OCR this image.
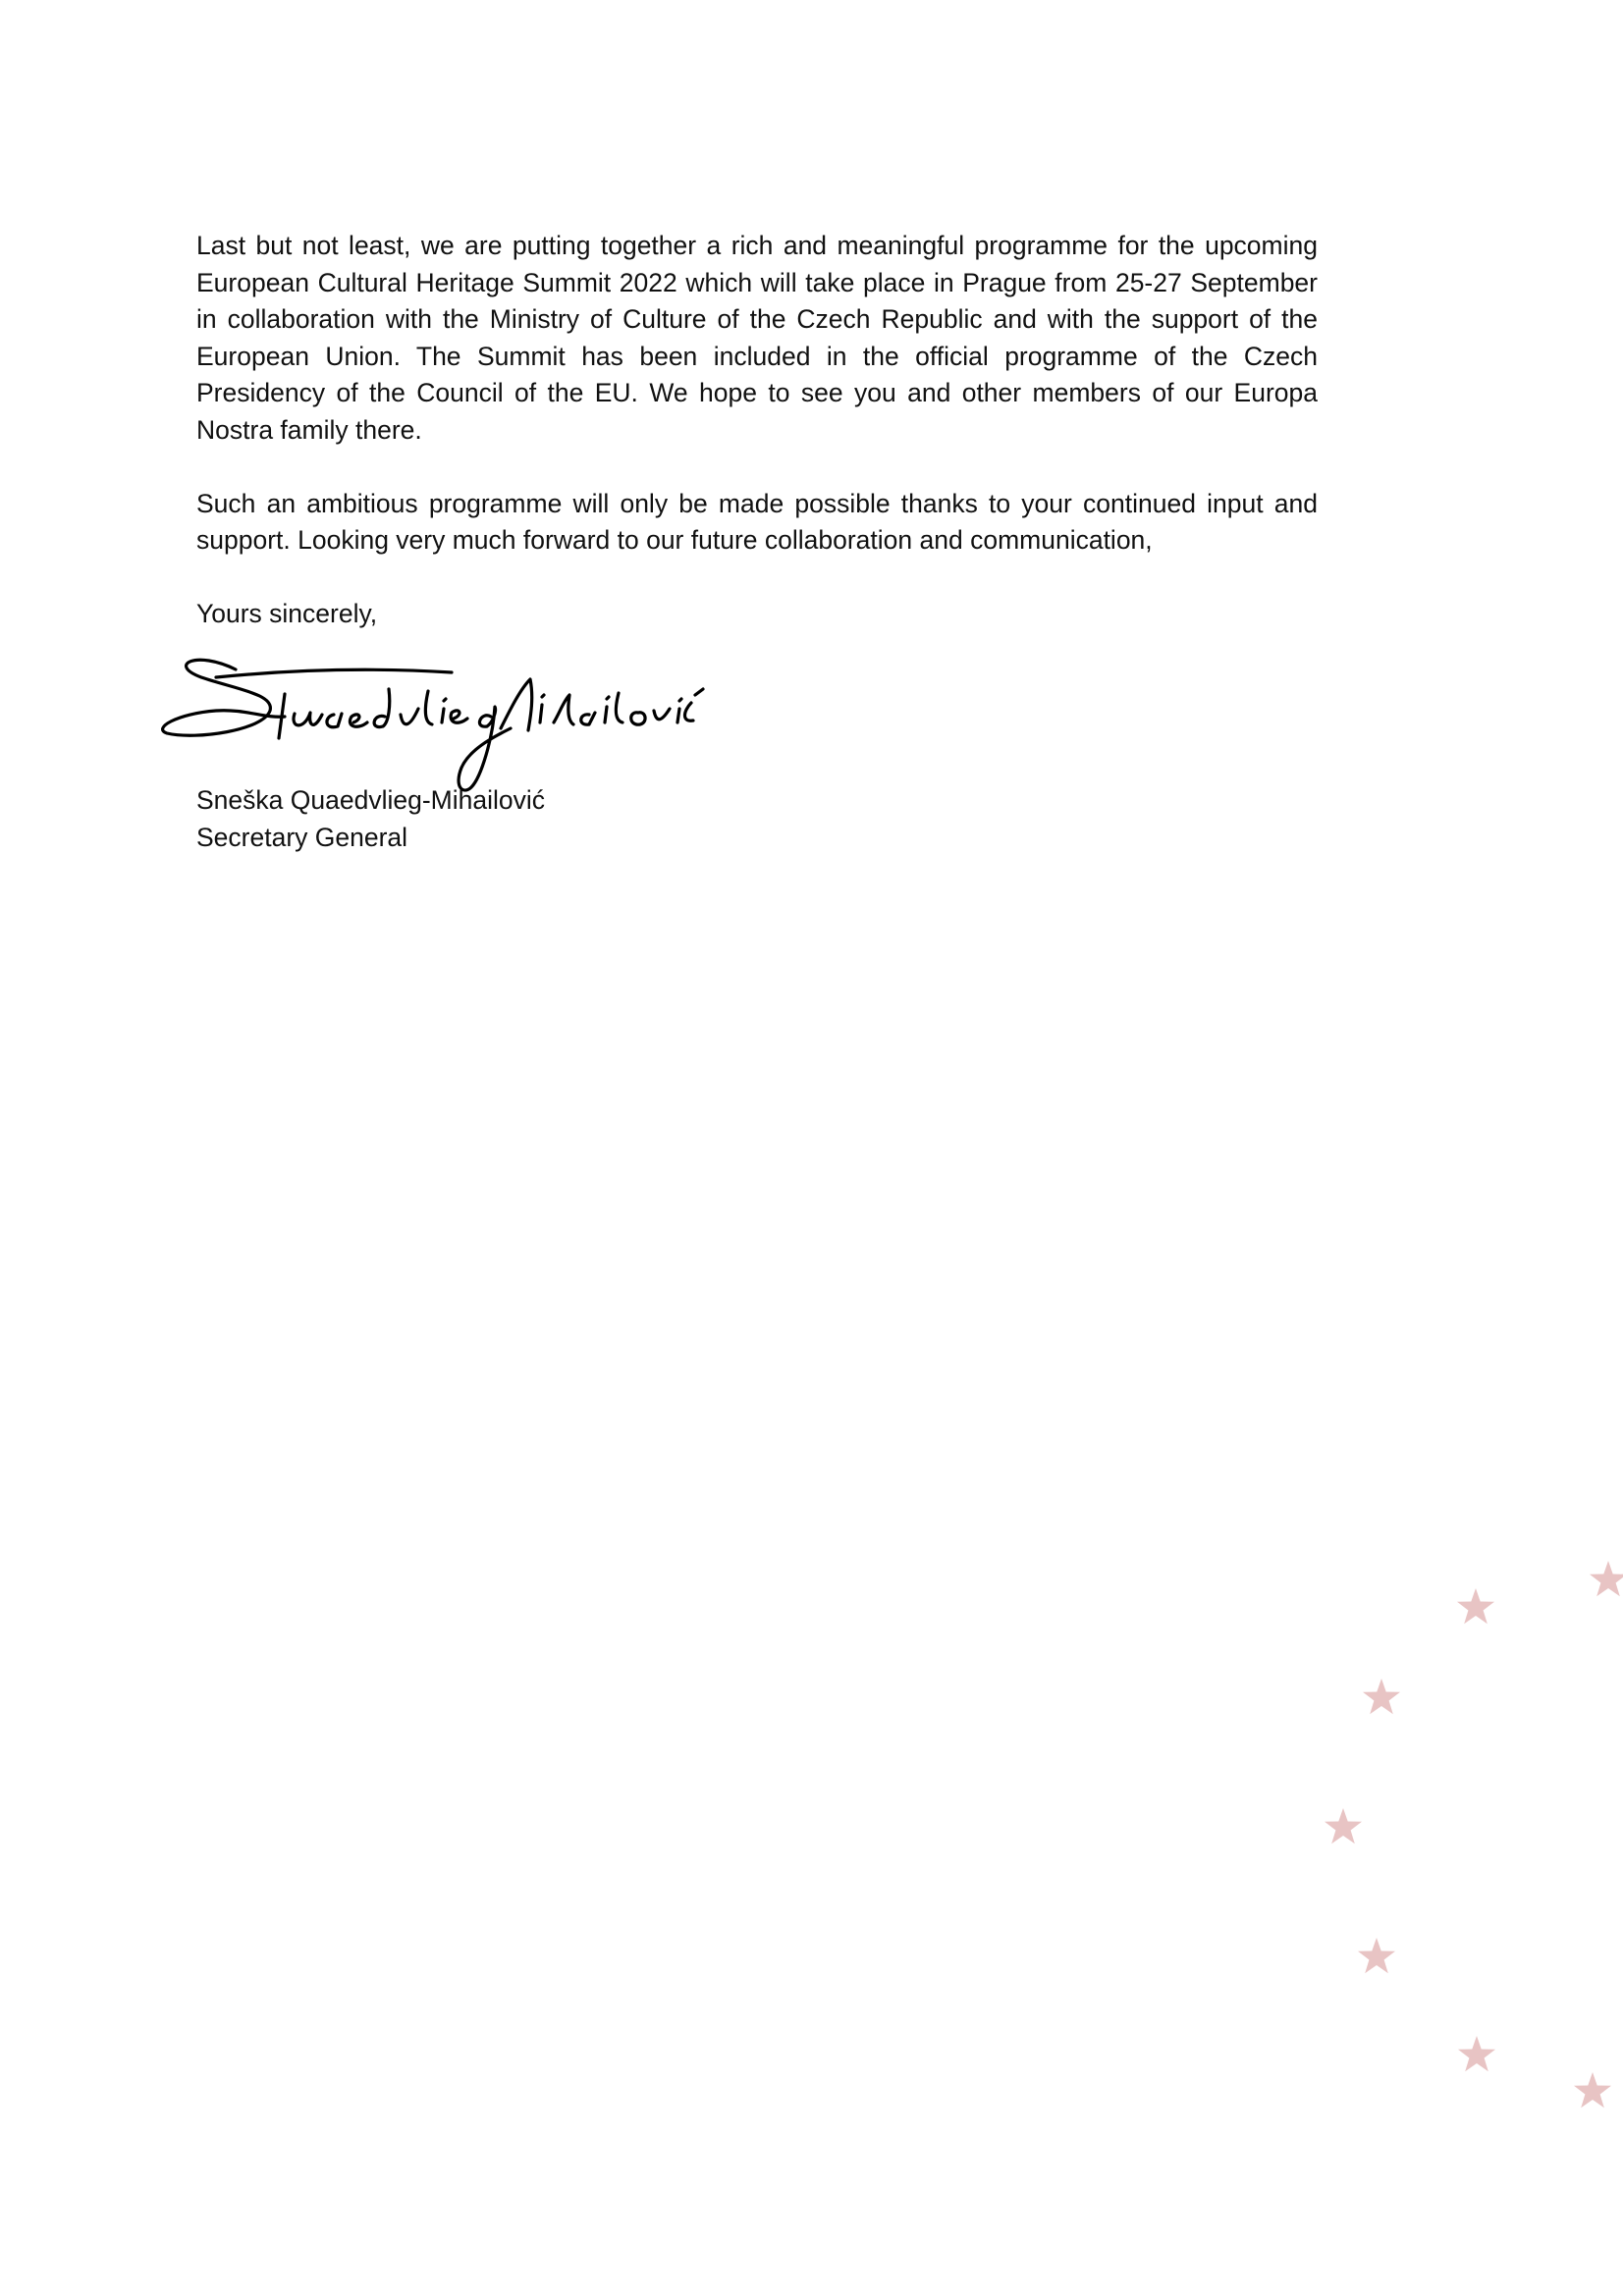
Last but not least, we are putting together a rich and meaningful programme for the upcoming European Cultural Heritage Summit 2022 which will take place in Prague from 25-27 September in collaboration with the Ministry of Culture of the Czech Republic and with the support of the European Union. The Summit has been included in the official programme of the Czech Presidency of the Council of the EU. We hope to see you and other members of our Europa Nostra family there.

Such an ambitious programme will only be made possible thanks to your continued input and support. Looking very much forward to our future collaboration and communication,

Yours sincerely,

Sneška Quaedvlieg-Mihailović
Secretary General
